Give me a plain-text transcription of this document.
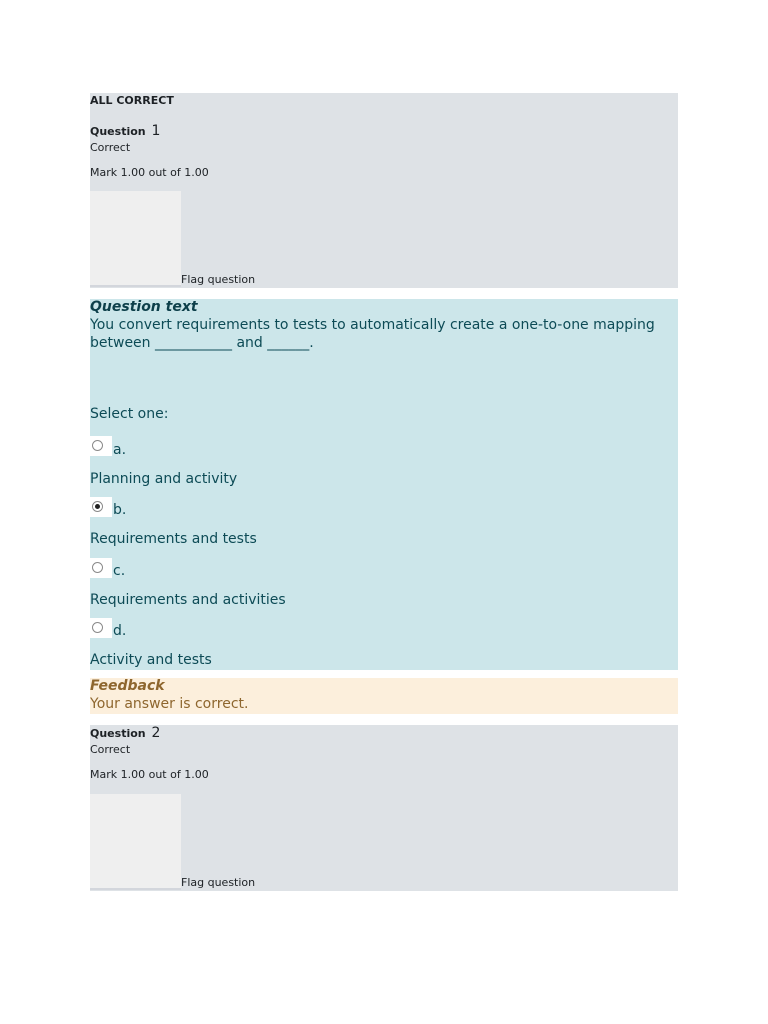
ALL CORRECT
Question 1
Correct
Mark 1.00 out of 1.00
Flag question
Question text
You convert requirements to tests to automatically create a one-to-one mapping between ___________ and ______.
Select one:
a.
Planning and activity
b.
Requirements and tests
c.
Requirements and activities
d.
Activity and tests
Feedback
Your answer is correct.
Question 2
Correct
Mark 1.00 out of 1.00
Flag question
